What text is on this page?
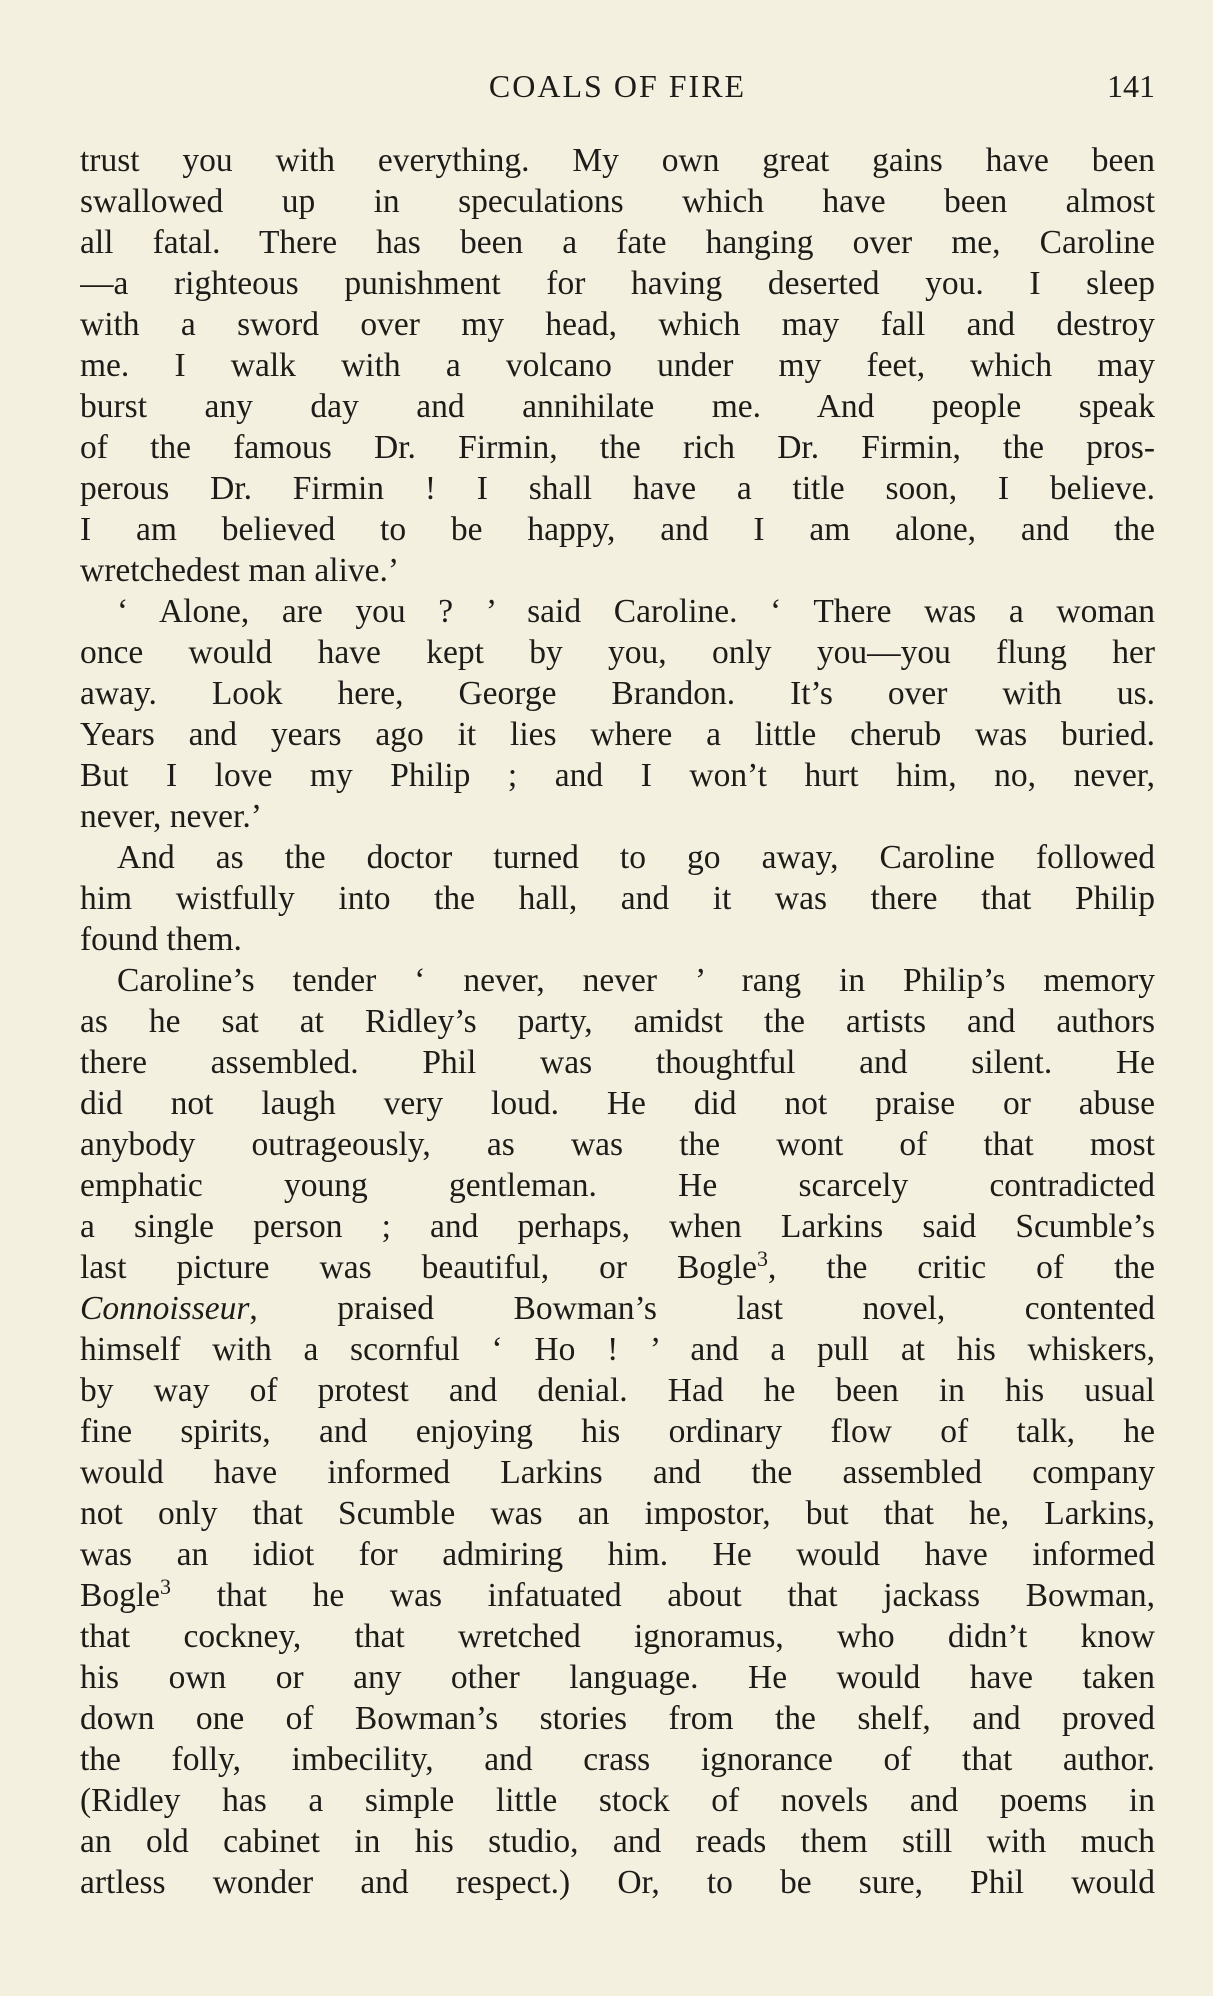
COALS OF FIRE	141
trust you with everything. My own great gains have been
swallowed up in speculations which have been almost
all fatal. There has been a fate hanging over me, Caroline
—a righteous punishment for having deserted you. I sleep
with a sword over my head, which may fall and destroy
me. I walk with a volcano under my feet, which may
burst any day and annihilate me. And people speak
of the famous Dr. Firmin, the rich Dr. Firmin, the pros-
perous Dr. Firmin ! I shall have a title soon, I believe.
I am believed to be happy, and I am alone, and the
wretchedest man alive.’
‘ Alone, are you ? ’ said Caroline. ‘ There was a woman
once would have kept by you, only you—you flung her
away. Look here, George Brandon. It’s over with us.
Years and years ago it lies where a little cherub was buried.
But I love my Philip ; and I won’t hurt him, no, never,
never, never.’
And as the doctor turned to go away, Caroline followed
him wistfully into the hall, and it was there that Philip
found them.
Caroline’s tender ‘ never, never ’ rang in Philip’s memory
as he sat at Ridley’s party, amidst the artists and authors
there assembled. Phil was thoughtful and silent. He
did not laugh very loud. He did not praise or abuse
anybody outrageously, as was the wont of that most
emphatic young gentleman. He scarcely contradicted
a single person ; and perhaps, when Larkins said Scumble’s
last picture was beautiful, or Bogle$^3$, the critic of the
Connoisseur, praised Bowman’s last novel, contented
himself with a scornful ‘ Ho ! ’ and a pull at his whiskers,
by way of protest and denial. Had he been in his usual
fine spirits, and enjoying his ordinary flow of talk, he
would have informed Larkins and the assembled company
not only that Scumble was an impostor, but that he, Larkins,
was an idiot for admiring him. He would have informed
Bogle$^3$ that he was infatuated about that jackass Bowman,
that cockney, that wretched ignoramus, who didn’t know
his own or any other language. He would have taken
down one of Bowman’s stories from the shelf, and proved
the folly, imbecility, and crass ignorance of that author.
(Ridley has a simple little stock of novels and poems in
an old cabinet in his studio, and reads them still with much
artless wonder and respect.) Or, to be sure, Phil would
